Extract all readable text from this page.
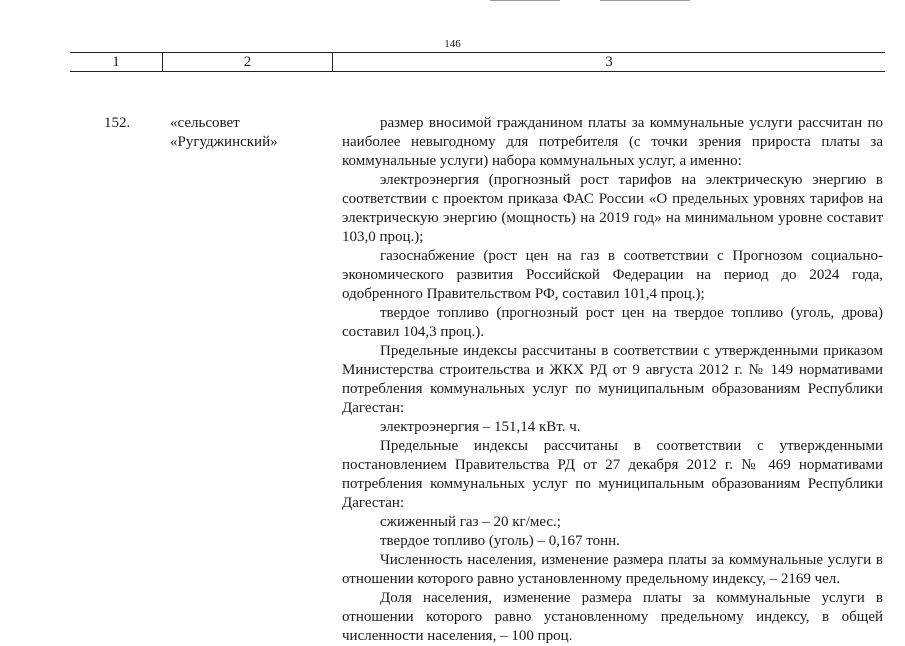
146
1	2	3
152.	«сельсовет
«Ругуджинский»

размер вносимой гражданином платы за коммунальные услуги рассчитан по наиболее невыгодному для потребителя (с точки зрения прироста платы за коммунальные услуги) набора коммунальных услуг, а именно:

электроэнергия (прогнозный рост тарифов на электрическую энергию в соответствии с проектом приказа ФАС России «О предельных уровнях тарифов на электрическую энергию (мощность) на 2019 год» на минимальном уровне составит 103,0 проц.);

газоснабжение (рост цен на газ в соответствии с Прогнозом социально-экономического развития Российской Федерации на период до 2024 года, одобренного Правительством РФ, составил 101,4 проц.);

твердое топливо (прогнозный рост цен на твердое топливо (уголь, дрова) составил 104,3 проц.).

Предельные индексы рассчитаны в соответствии с утвержденными приказом Министерства строительства и ЖКХ РД от 9 августа 2012 г. № 149 нормативами потребления коммунальных услуг по муниципальным образованиям Республики Дагестан:

электроэнергия – 151,14 кВт. ч.

Предельные индексы рассчитаны в соответствии с утвержденными постановлением Правительства РД от 27 декабря 2012 г. № 469 нормативами потребления коммунальных услуг по муниципальным образованиям Республики Дагестан:

сжиженный газ – 20 кг/мес.;

твердое топливо (уголь) – 0,167 тонн.

Численность населения, изменение размера платы за коммунальные услуги в отношении которого равно установленному предельному индексу, – 2169 чел.

Доля населения, изменение размера платы за коммунальные услуги в отношении которого равно установленному предельному индексу, в общей численности населения, – 100 проц.
